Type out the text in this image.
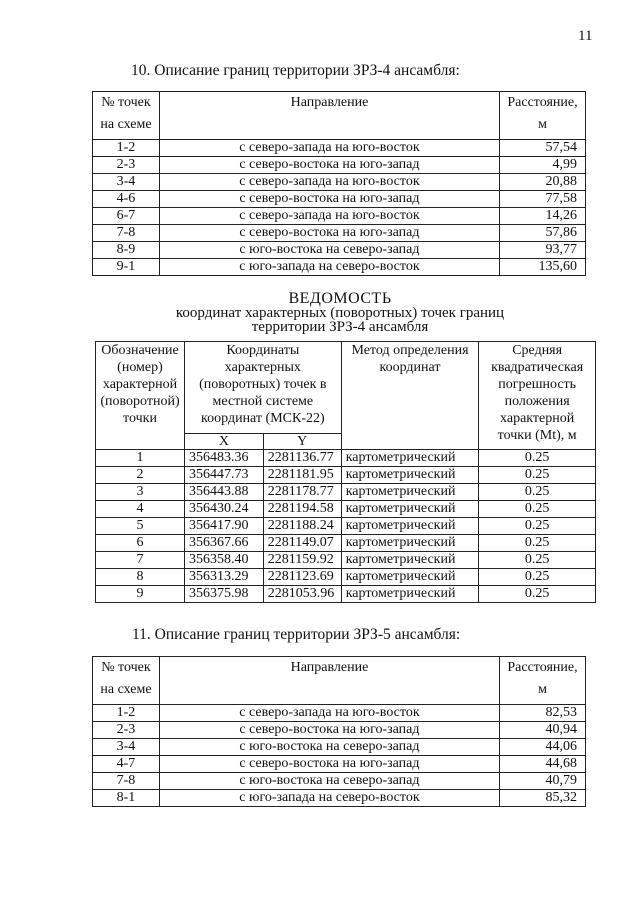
11
10. Описание границ территории ЗРЗ-4 ансамбля:
№ точек на схеме	Направление	Расстояние, м
1-2	с северо-запада на юго-восток	57,54
2-3	с северо-востока на юго-запад	4,99
3-4	с северо-запада на юго-восток	20,88
4-6	с северо-востока на юго-запад	77,58
6-7	с северо-запада на юго-восток	14,26
7-8	с северо-востока на юго-запад	57,86
8-9	с юго-востока на северо-запад	93,77
9-1	с юго-запада на северо-восток	135,60
ВЕДОМОСТЬ
координат характерных (поворотных) точек границ
территории ЗРЗ-4 ансамбля
Обозначение (номер) характерной (поворотной) точки	Координаты характерных (поворотных) точек в местной системе координат (МСК-22)		Метод определения координат	Средняя квадратическая погрешность положения характерной точки (Mt), м
	X	Y		
1	356483.36	2281136.77	картометрический	0.25
2	356447.73	2281181.95	картометрический	0.25
3	356443.88	2281178.77	картометрический	0.25
4	356430.24	2281194.58	картометрический	0.25
5	356417.90	2281188.24	картометрический	0.25
6	356367.66	2281149.07	картометрический	0.25
7	356358.40	2281159.92	картометрический	0.25
8	356313.29	2281123.69	картометрический	0.25
9	356375.98	2281053.96	картометрический	0.25
11. Описание границ территории ЗРЗ-5 ансамбля:
№ точек на схеме	Направление	Расстояние, м
1-2	с северо-запада на юго-восток	82,53
2-3	с северо-востока на юго-запад	40,94
3-4	с юго-востока на северо-запад	44,06
4-7	с северо-востока на юго-запад	44,68
7-8	с юго-востока на северо-запад	40,79
8-1	с юго-запада на северо-восток	85,32
